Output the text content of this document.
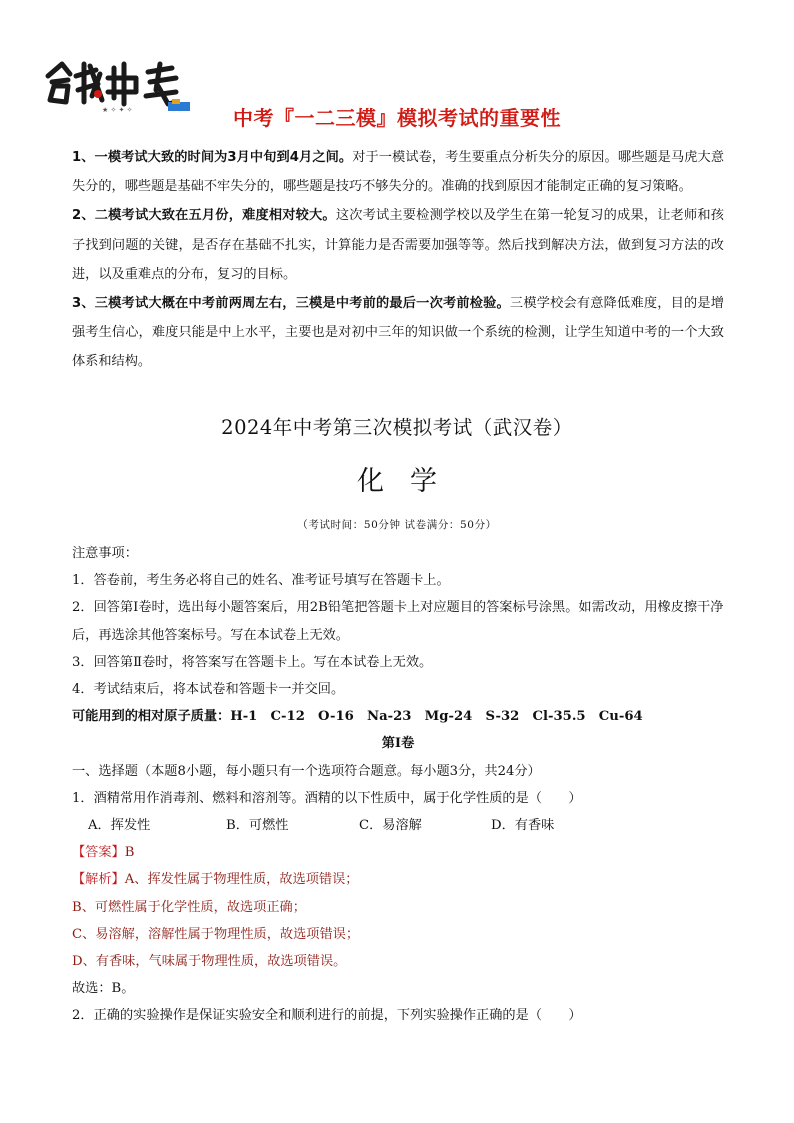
★ ✧ ✦ ✧	中考『一二三模』模拟考试的重要性

1、一模考试大致的时间为3月中旬到4月之间。对于一模试卷，考生要重点分析失分的原因。哪些题是马虎大意失分的，哪些题是基础不牢失分的，哪些题是技巧不够失分的。准确的找到原因才能制定正确的复习策略。

2、二模考试大致在五月份，难度相对较大。这次考试主要检测学校以及学生在第一轮复习的成果，让老师和孩子找到问题的关键，是否存在基础不扎实，计算能力是否需要加强等等。然后找到解决方法，做到复习方法的改进，以及重难点的分布，复习的目标。

3、三模考试大概在中考前两周左右，三模是中考前的最后一次考前检验。三模学校会有意降低难度，目的是增强考生信心，难度只能是中上水平，主要也是对初中三年的知识做一个系统的检测，让学生知道中考的一个大致体系和结构。

2024年中考第三次模拟考试（武汉卷）
化学
（考试时间：50分钟 试卷满分：50分）

注意事项：

1．答卷前，考生务必将自己的姓名、准考证号填写在答题卡上。

2．回答第Ⅰ卷时，选出每小题答案后，用2B铅笔把答题卡上对应题目的答案标号涂黑。如需改动，用橡皮擦干净后，再选涂其他答案标号。写在本试卷上无效。

3．回答第Ⅱ卷时，将答案写在答题卡上。写在本试卷上无效。

4．考试结束后，将本试卷和答题卡一并交回。

可能用到的相对原子质量：H-1　C-12　O-16　Na-23　Mg-24　S-32　Cl-35.5　Cu-64

第Ⅰ卷

一、选择题（本题8小题，每小题只有一个选项符合题意。每小题3分，共24分）

1．酒精常用作消毒剂、燃料和溶剂等。酒精的以下性质中，属于化学性质的是（　　）

A．挥发性	B．可燃性	C．易溶解	D．有香味

【答案】B

【解析】A、挥发性属于物理性质，故选项错误；

B、可燃性属于化学性质，故选项正确；

C、易溶解，溶解性属于物理性质，故选项错误；

D、有香味，气味属于物理性质，故选项错误。

故选：B。

2．正确的实验操作是保证实验安全和顺利进行的前提，下列实验操作正确的是（　　）
